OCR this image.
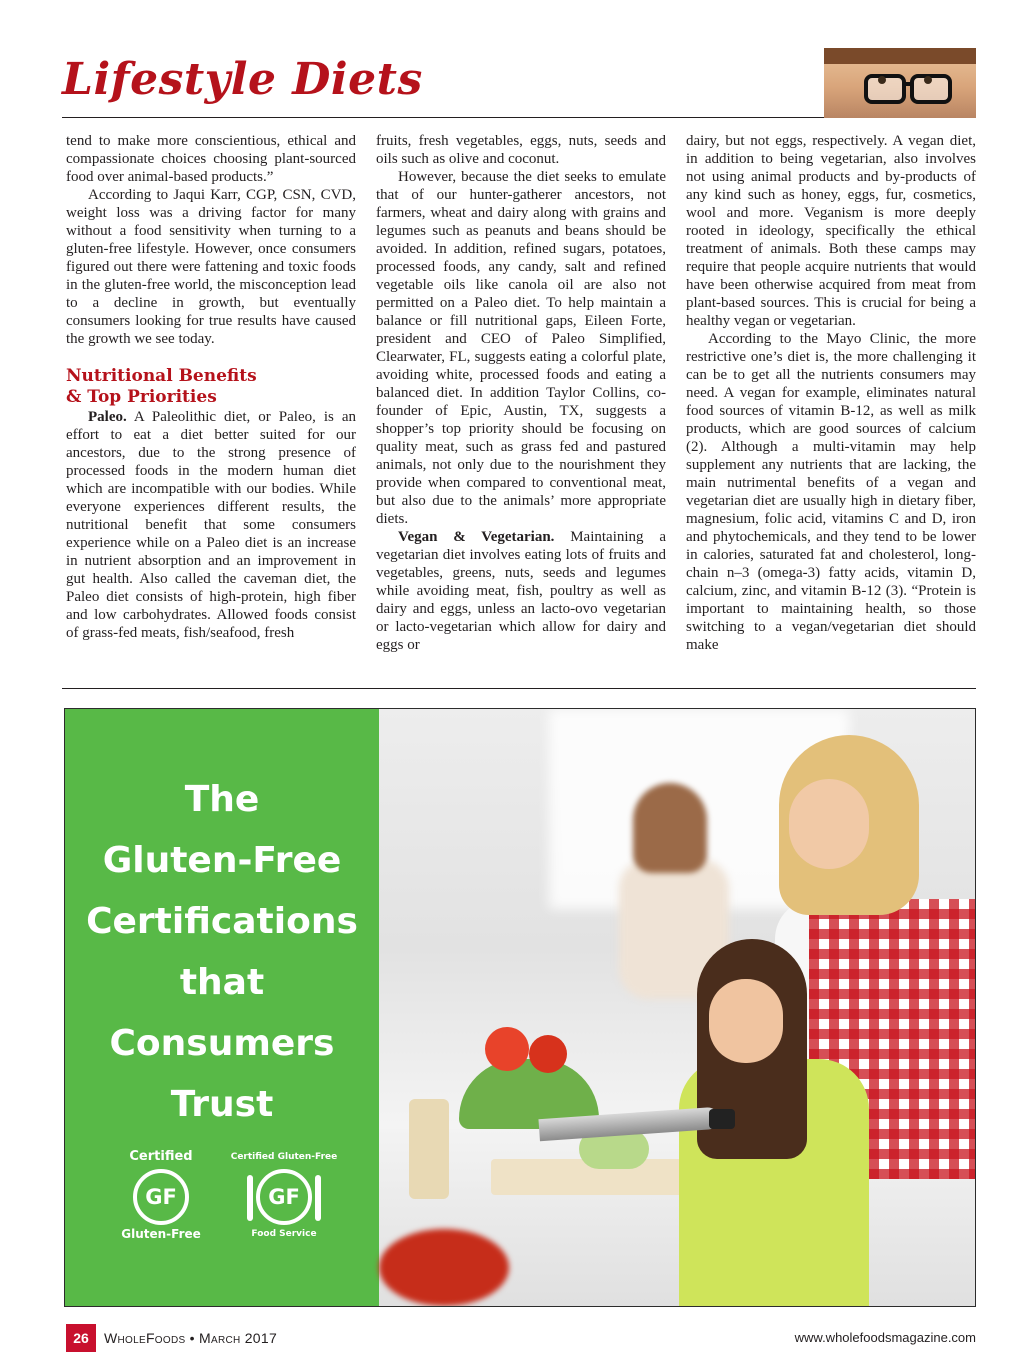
Lifestyle Diets

tend to make more conscientious, ethical and compassionate choices choosing plant-sourced food over animal-based products.”

According to Jaqui Karr, CGP, CSN, CVD, weight loss was a driving factor for many without a food sensitivity when turning to a gluten-free lifestyle. However, once consumers figured out there were fattening and toxic foods in the gluten-free world, the misconception lead to a decline in growth, but eventually consumers looking for true results have caused the growth we see today.

Nutritional Benefits
& Top Priorities

Paleo. A Paleolithic diet, or Paleo, is an effort to eat a diet better suited for our ancestors, due to the strong presence of processed foods in the modern human diet which are incompatible with our bodies. While everyone experiences different results, the nutritional benefit that some consumers experience while on a Paleo diet is an increase in nutrient absorption and an improvement in gut health. Also called the caveman diet, the Paleo diet consists of high-protein, high fiber and low carbohydrates. Allowed foods consist of grass-fed meats, fish/seafood, fresh

fruits, fresh vegetables, eggs, nuts, seeds and oils such as olive and coconut.

However, because the diet seeks to emulate that of our hunter-gatherer ancestors, not farmers, wheat and dairy along with grains and legumes such as peanuts and beans should be avoided. In addition, refined sugars, potatoes, processed foods, any candy, salt and refined vegetable oils like canola oil are also not permitted on a Paleo diet. To help maintain a balance or fill nutritional gaps, Eileen Forte, president and CEO of Paleo Simplified, Clearwater, FL, suggests eating a colorful plate, avoiding white, processed foods and eating a balanced diet. In addition Taylor Collins, co-founder of Epic, Austin, TX, suggests a shopper’s top priority should be focusing on quality meat, such as grass fed and pastured animals, not only due to the nourishment they provide when compared to conventional meat, but also due to the animals’ more appropriate diets.

Vegan & Vegetarian. Maintaining a vegetarian diet involves eating lots of fruits and vegetables, greens, nuts, seeds and legumes while avoiding meat, fish, poultry as well as dairy and eggs, unless an lacto-ovo vegetarian or lacto-vegetarian which allow for dairy and eggs or

dairy, but not eggs, respectively. A vegan diet, in addition to being vegetarian, also involves not using animal products and by-products of any kind such as honey, eggs, fur, cosmetics, wool and more. Veganism is more deeply rooted in ideology, specifically the ethical treatment of animals. Both these camps may require that people acquire nutrients that would have been otherwise acquired from meat from plant-based sources. This is crucial for being a healthy vegan or vegetarian.

According to the Mayo Clinic, the more restrictive one’s diet is, the more challenging it can be to get all the nutrients consumers may need. A vegan for example, eliminates natural food sources of vitamin B-12, as well as milk products, which are good sources of calcium (2). Although a multi-vitamin may help supplement any nutrients that are lacking, the main nutrimental benefits of a vegan and vegetarian diet are usually high in dietary fiber, magnesium, folic acid, vitamins C and D, iron and phytochemicals, and they tend to be lower in calories, saturated fat and cholesterol, long-chain n–3 (omega-3) fatty acids, vitamin D, calcium, zinc, and vitamin B-12 (3). “Protein is important to maintaining health, so those switching to a vegan/vegetarian diet should make

The
Gluten-Free
Certifications
that
Consumers
Trust
Certified
GF
Gluten-Free
Certified Gluten-Free
GF
Food Service
26	WholeFoods • March 2017	www.wholefoodsmagazine.com
